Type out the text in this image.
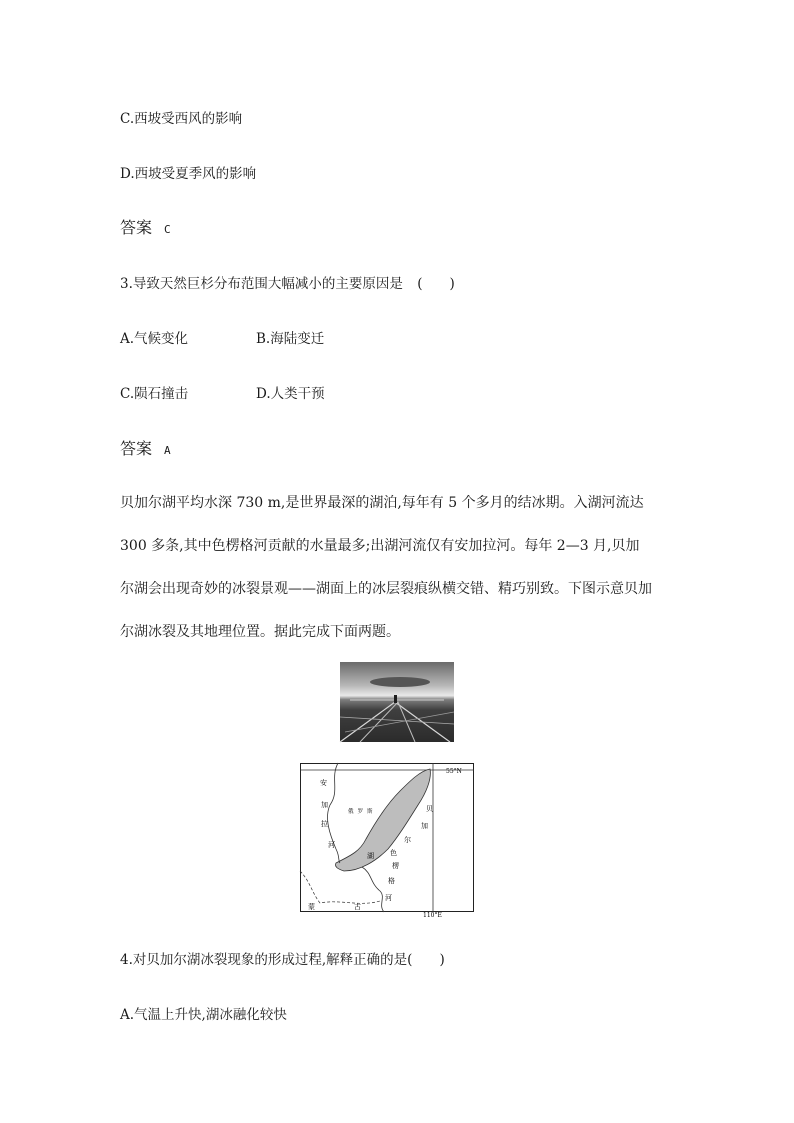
C.西坡受西风的影响
D.西坡受夏季风的影响
答案 C
3.导致天然巨杉分布范围大幅减小的主要原因是 (　　)
A.气候变化	B.海陆变迁
C.陨石撞击	D.人类干预
答案 A
贝加尔湖平均水深 730 m,是世界最深的湖泊,每年有 5 个多月的结冰期。入湖河流达
300 多条,其中色楞格河贡献的水量最多;出湖河流仅有安加拉河。每年 2—3 月,贝加
尔湖会出现奇妙的冰裂景观——湖面上的冰层裂痕纵横交错、精巧别致。下图示意贝加
尔湖冰裂及其地理位置。据此完成下面两题。
55°N
110°E
安
加
拉
河
俄罗斯	贝
加
尔
湖 色
楞
格
河
蒙	古
4.对贝加尔湖冰裂现象的形成过程,解释正确的是(　　)
A.气温上升快,湖冰融化较快
